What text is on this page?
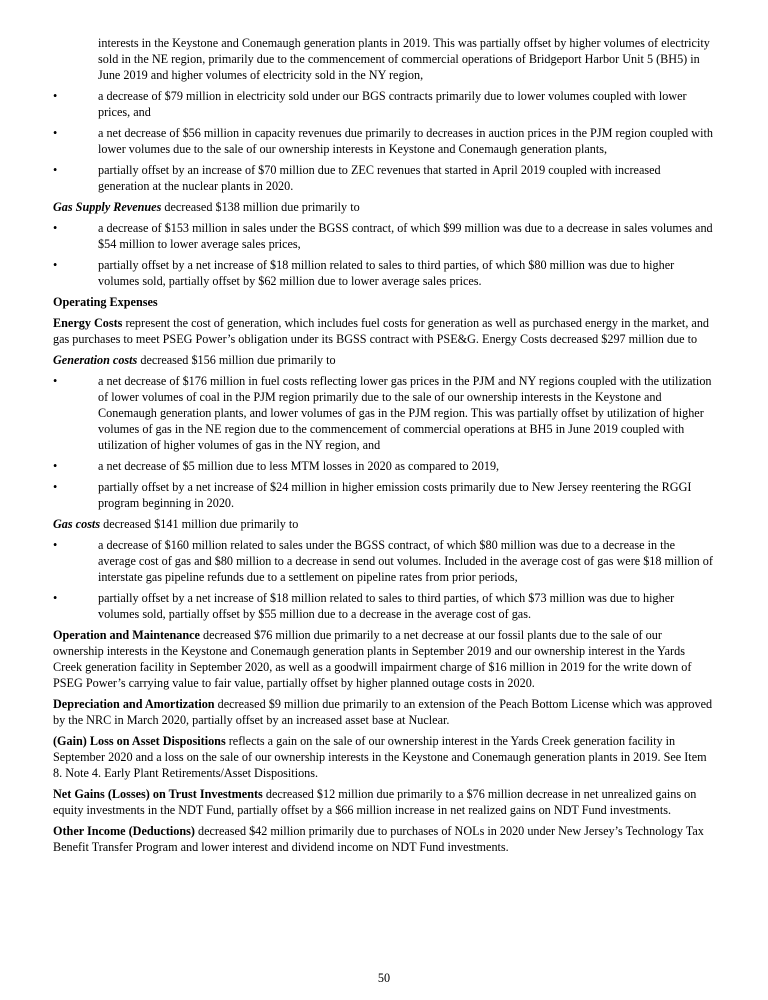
interests in the Keystone and Conemaugh generation plants in 2019. This was partially offset by higher volumes of electricity sold in the NE region, primarily due to the commencement of commercial operations of Bridgeport Harbor Unit 5 (BH5) in June 2019 and higher volumes of electricity sold in the NY region,

•	a decrease of $79 million in electricity sold under our BGS contracts primarily due to lower volumes coupled with lower prices, and
•	a net decrease of $56 million in capacity revenues due primarily to decreases in auction prices in the PJM region coupled with lower volumes due to the sale of our ownership interests in Keystone and Conemaugh generation plants,
•	partially offset by an increase of $70 million due to ZEC revenues that started in April 2019 coupled with increased generation at the nuclear plants in 2020.

Gas Supply Revenues decreased $138 million due primarily to

•	a decrease of $153 million in sales under the BGSS contract, of which $99 million was due to a decrease in sales volumes and $54 million to lower average sales prices,
•	partially offset by a net increase of $18 million related to sales to third parties, of which $80 million was due to higher volumes sold, partially offset by $62 million due to lower average sales prices.

Operating Expenses

Energy Costs represent the cost of generation, which includes fuel costs for generation as well as purchased energy in the market, and gas purchases to meet PSEG Power’s obligation under its BGSS contract with PSE&G. Energy Costs decreased $297 million due to

Generation costs decreased $156 million due primarily to

•	a net decrease of $176 million in fuel costs reflecting lower gas prices in the PJM and NY regions coupled with the utilization of lower volumes of coal in the PJM region primarily due to the sale of our ownership interests in the Keystone and Conemaugh generation plants, and lower volumes of gas in the PJM region. This was partially offset by utilization of higher volumes of gas in the NE region due to the commencement of commercial operations at BH5 in June 2019 coupled with utilization of higher volumes of gas in the NY region, and
•	a net decrease of $5 million due to less MTM losses in 2020 as compared to 2019,
•	partially offset by a net increase of $24 million in higher emission costs primarily due to New Jersey reentering the RGGI program beginning in 2020.

Gas costs decreased $141 million due primarily to

•	a decrease of $160 million related to sales under the BGSS contract, of which $80 million was due to a decrease in the average cost of gas and $80 million to a decrease in send out volumes. Included in the average cost of gas were $18 million of interstate gas pipeline refunds due to a settlement on pipeline rates from prior periods,
•	partially offset by a net increase of $18 million related to sales to third parties, of which $73 million was due to higher volumes sold, partially offset by $55 million due to a decrease in the average cost of gas.

Operation and Maintenance decreased $76 million due primarily to a net decrease at our fossil plants due to the sale of our ownership interests in the Keystone and Conemaugh generation plants in September 2019 and our ownership interest in the Yards Creek generation facility in September 2020, as well as a goodwill impairment charge of $16 million in 2019 for the write down of PSEG Power’s carrying value to fair value, partially offset by higher planned outage costs in 2020.

Depreciation and Amortization decreased $9 million due primarily to an extension of the Peach Bottom License which was approved by the NRC in March 2020, partially offset by an increased asset base at Nuclear.

(Gain) Loss on Asset Dispositions reflects a gain on the sale of our ownership interest in the Yards Creek generation facility in September 2020 and a loss on the sale of our ownership interests in the Keystone and Conemaugh generation plants in 2019. See Item 8. Note 4. Early Plant Retirements/Asset Dispositions.

Net Gains (Losses) on Trust Investments decreased $12 million due primarily to a $76 million decrease in net unrealized gains on equity investments in the NDT Fund, partially offset by a $66 million increase in net realized gains on NDT Fund investments.

Other Income (Deductions) decreased $42 million primarily due to purchases of NOLs in 2020 under New Jersey’s Technology Tax Benefit Transfer Program and lower interest and dividend income on NDT Fund investments.

50
